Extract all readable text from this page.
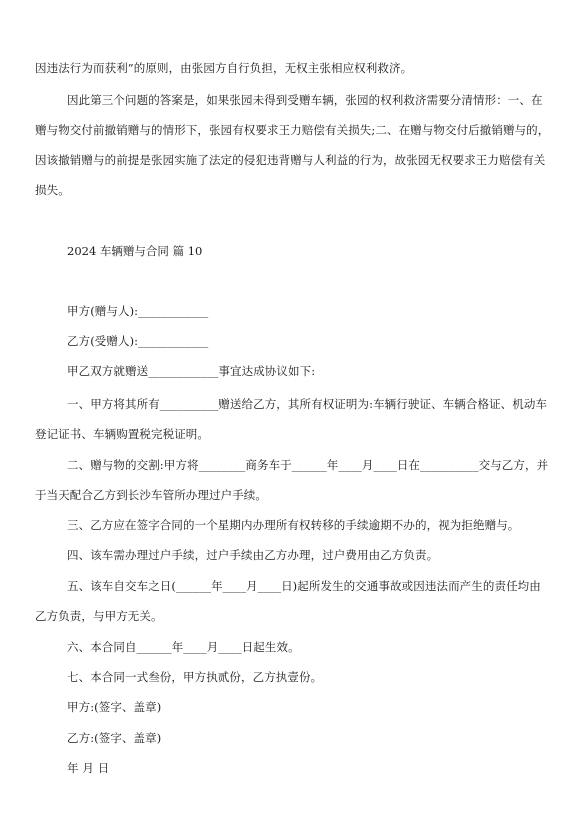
因违法行为而获利”的原则，由张园方自行负担，无权主张相应权利救济。
因此第三个问题的答案是，如果张园未得到受赠车辆，张园的权利救济需要分清情形：一、在
赠与物交付前撤销赠与的情形下，张园有权要求王力赔偿有关损失;二、在赠与物交付后撤销赠与的，
因该撤销赠与的前提是张园实施了法定的侵犯违背赠与人利益的行为，故张园无权要求王力赔偿有关
损失。
2024 车辆赠与合同 篇 10
甲方(赠与人):____________
乙方(受赠人):____________
甲乙双方就赠送____________事宜达成协议如下:
一、甲方将其所有__________赠送给乙方，其所有权证明为:车辆行驶证、车辆合格证、机动车
登记证书、车辆购置税完税证明。
二、赠与物的交割:甲方将________商务车于______年____月____日在__________交与乙方，并
于当天配合乙方到长沙车管所办理过户手续。
三、乙方应在签字合同的一个星期内办理所有权转移的手续逾期不办的，视为拒绝赠与。
四、该车需办理过户手续，过户手续由乙方办理，过户费用由乙方负责。
五、该车自交车之日(______年____月____日)起所发生的交通事故或因违法而产生的责任均由
乙方负责，与甲方无关。
六、本合同自______年____月____日起生效。
七、本合同一式叁份，甲方执贰份，乙方执壹份。
甲方:(签字、盖章)
乙方:(签字、盖章)
年 月 日
